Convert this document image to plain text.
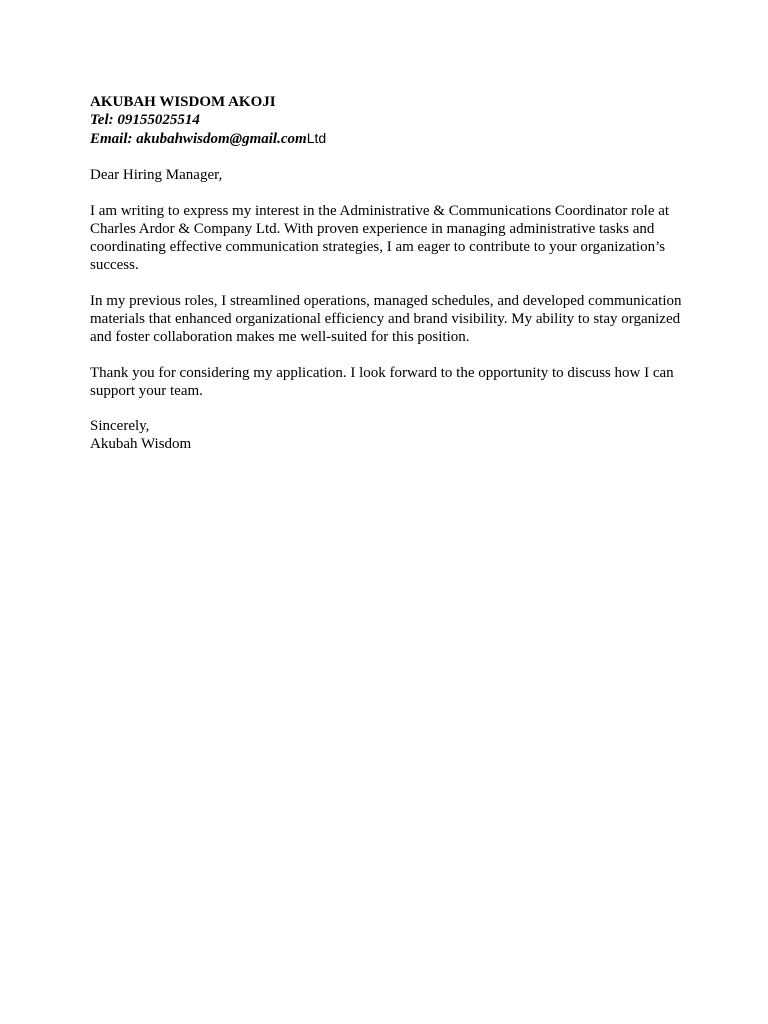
AKUBAH WISDOM AKOJI
Tel: 09155025514
Email: akubahwisdom@gmail.comLtd

Dear Hiring Manager,

I am writing to express my interest in the Administrative & Communications Coordinator role at Charles Ardor & Company Ltd. With proven experience in managing administrative tasks and coordinating effective communication strategies, I am eager to contribute to your organization’s success.

In my previous roles, I streamlined operations, managed schedules, and developed communication materials that enhanced organizational efficiency and brand visibility. My ability to stay organized and foster collaboration makes me well-suited for this position.

Thank you for considering my application. I look forward to the opportunity to discuss how I can support your team.

Sincerely,

Akubah Wisdom
